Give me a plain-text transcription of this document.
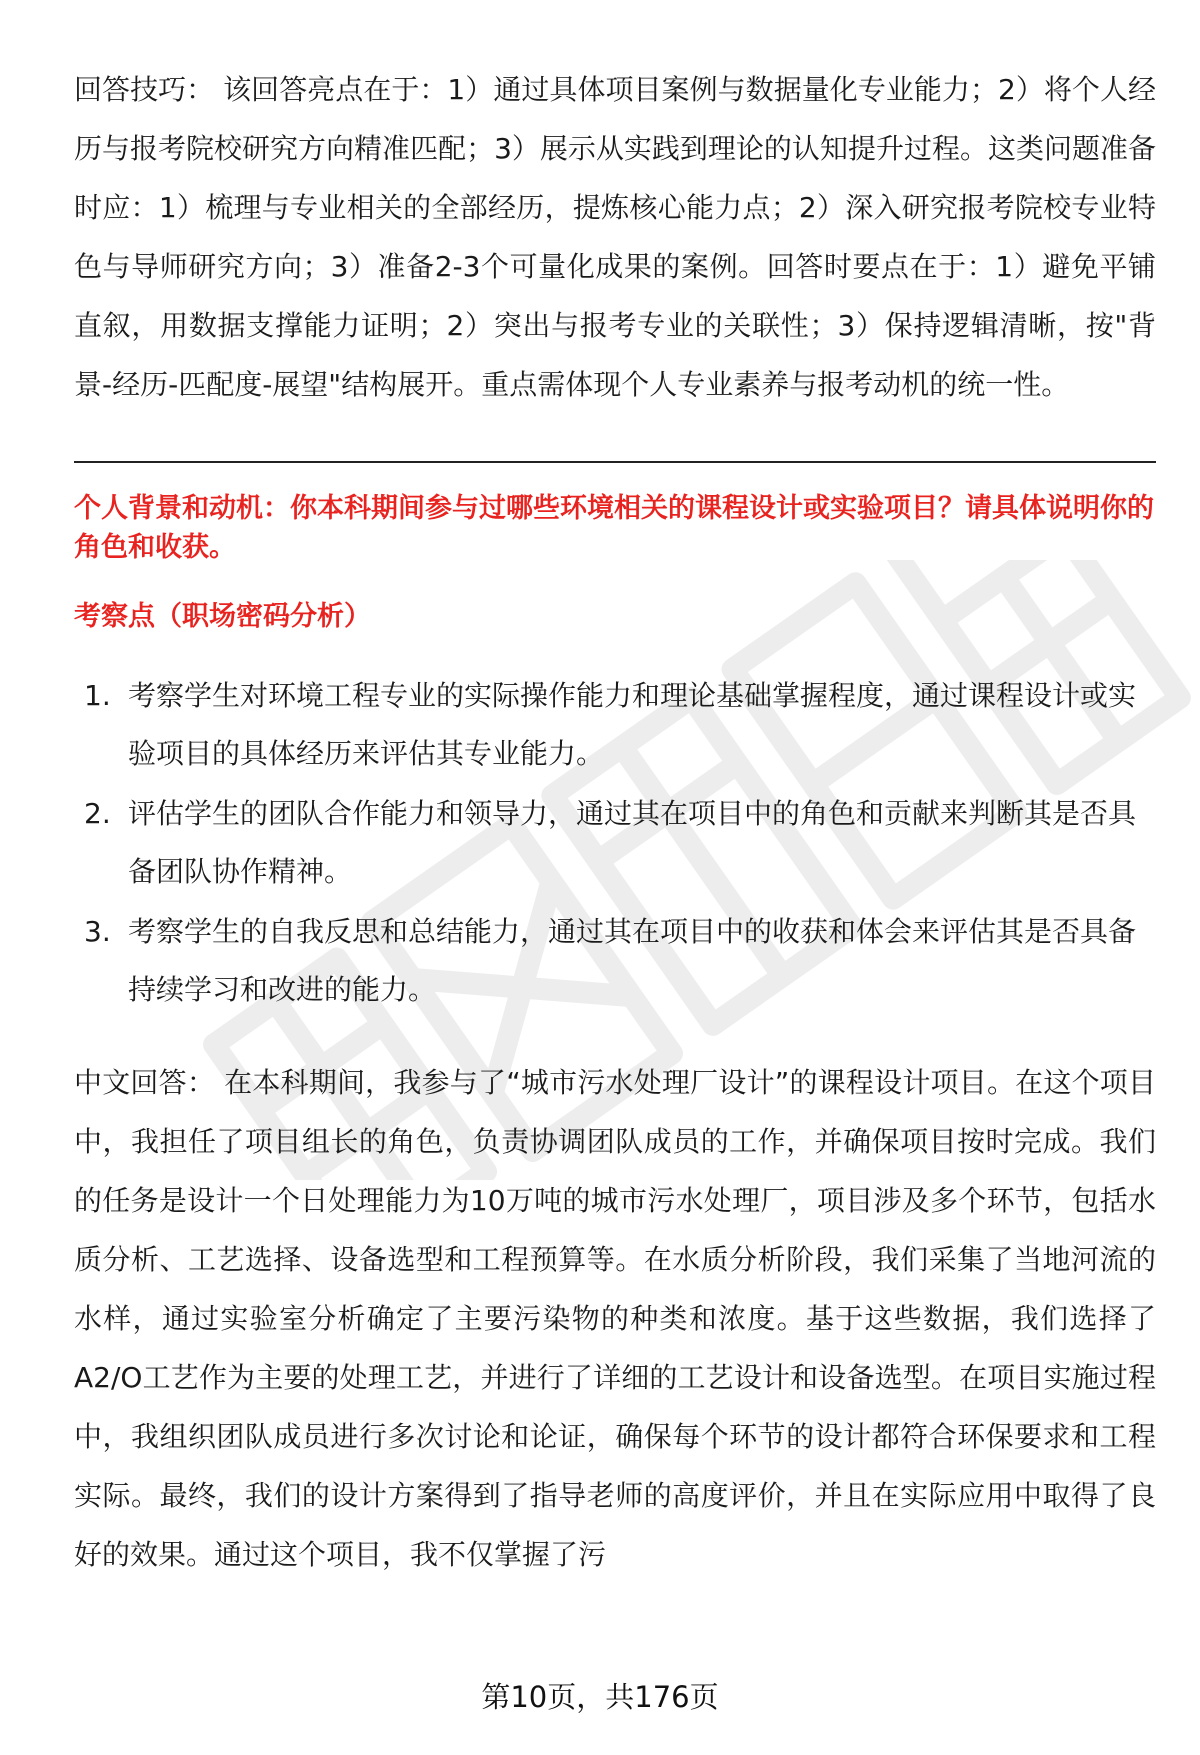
回答技巧： 该回答亮点在于：1）通过具体项目案例与数据量化专业能力；2）将个人经历与报考院校研究方向精准匹配；3）展示从实践到理论的认知提升过程。这类问题准备时应：1）梳理与专业相关的全部经历，提炼核心能力点；2）深入研究报考院校专业特色与导师研究方向；3）准备2-3个可量化成果的案例。回答时要点在于：1）避免平铺直叙，用数据支撑能力证明；2）突出与报考专业的关联性；3）保持逻辑清晰，按"背景-经历-匹配度-展望"结构展开。重点需体现个人专业素养与报考动机的统一性。

个人背景和动机：你本科期间参与过哪些环境相关的课程设计或实验项目？请具体说明你的角色和收获。
考察点（职场密码分析）
1. 考察学生对环境工程专业的实际操作能力和理论基础掌握程度，通过课程设计或实验项目的具体经历来评估其专业能力。
2. 评估学生的团队合作能力和领导力，通过其在项目中的角色和贡献来判断其是否具备团队协作精神。
3. 考察学生的自我反思和总结能力，通过其在项目中的收获和体会来评估其是否具备持续学习和改进的能力。

中文回答： 在本科期间，我参与了“城市污水处理厂设计”的课程设计项目。在这个项目中，我担任了项目组长的角色，负责协调团队成员的工作，并确保项目按时完成。我们的任务是设计一个日处理能力为10万吨的城市污水处理厂，项目涉及多个环节，包括水质分析、工艺选择、设备选型和工程预算等。在水质分析阶段，我们采集了当地河流的水样，通过实验室分析确定了主要污染物的种类和浓度。基于这些数据，我们选择了A2/O工艺作为主要的处理工艺，并进行了详细的工艺设计和设备选型。在项目实施过程中，我组织团队成员进行多次讨论和论证，确保每个环节的设计都符合环保要求和工程实际。最终，我们的设计方案得到了指导老师的高度评价，并且在实际应用中取得了良好的效果。通过这个项目，我不仅掌握了污

第10页，共176页
